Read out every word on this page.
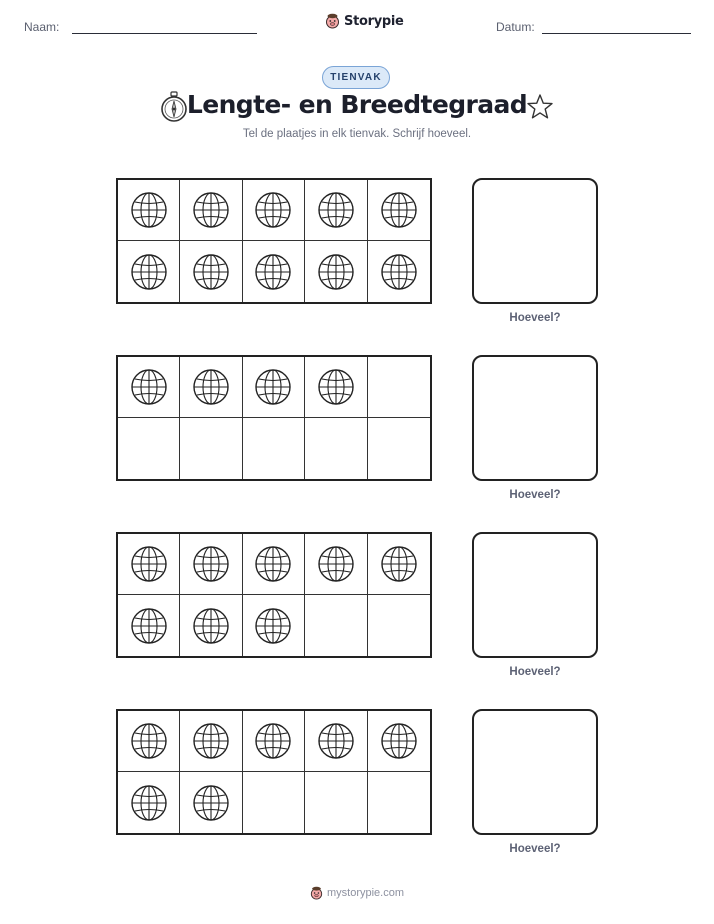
Naam:	Storypie	Datum:
TIENVAK
Lengte- en Breedtegraad
Tel de plaatjes in elk tienvak. Schrijf hoeveel.
Hoeveel?
Hoeveel?
Hoeveel?
Hoeveel?
mystorypie.com
